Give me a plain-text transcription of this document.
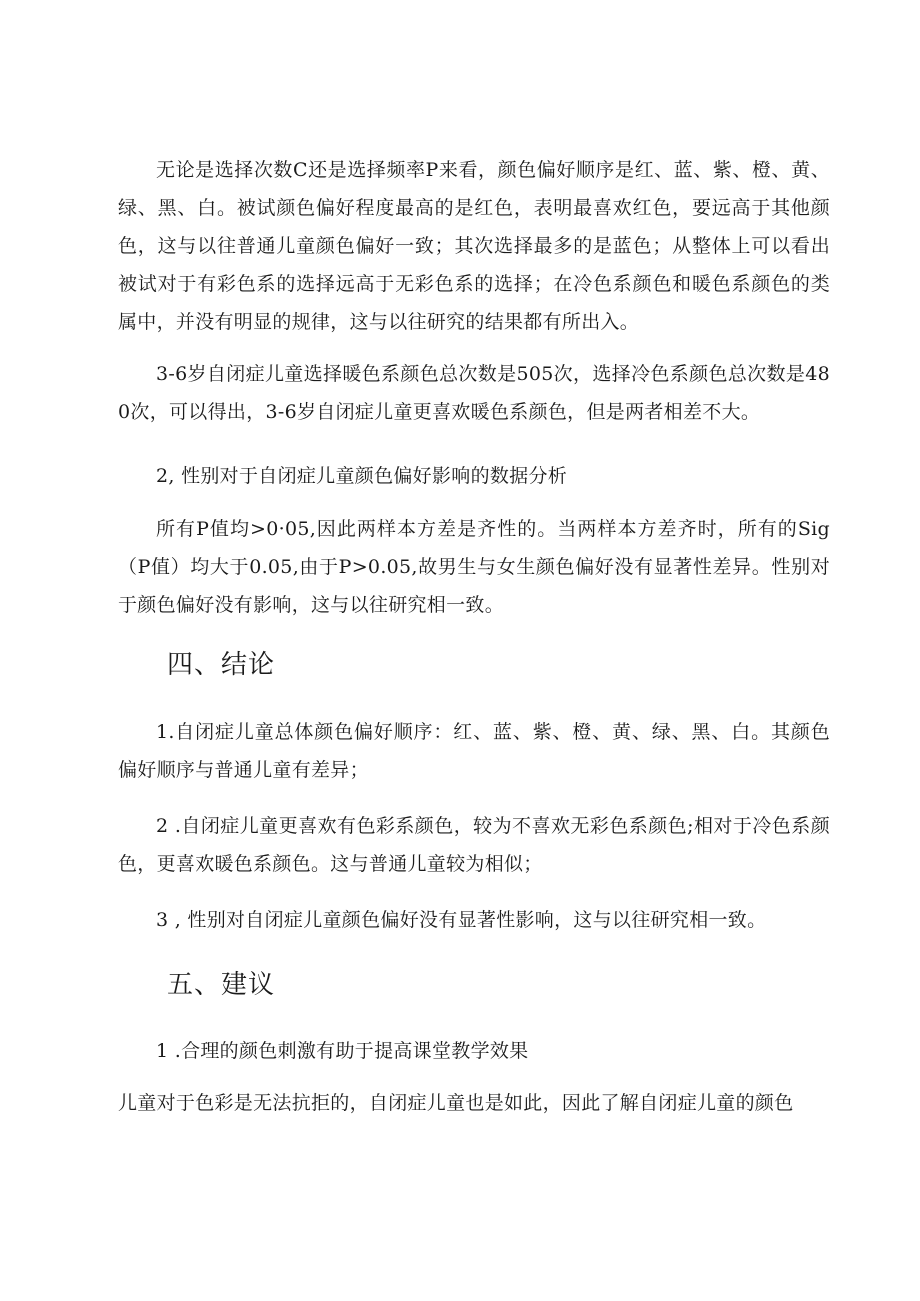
无论是选择次数C还是选择频率P来看，颜色偏好顺序是红、蓝、紫、橙、黄、绿、黑、白。被试颜色偏好程度最高的是红色，表明最喜欢红色，要远高于其他颜色，这与以往普通儿童颜色偏好一致；其次选择最多的是蓝色；从整体上可以看出被试对于有彩色系的选择远高于无彩色系的选择；在冷色系颜色和暖色系颜色的类属中，并没有明显的规律，这与以往研究的结果都有所出入。

3-6岁自闭症儿童选择暖色系颜色总次数是505次，选择冷色系颜色总次数是480次，可以得出，3-6岁自闭症儿童更喜欢暖色系颜色，但是两者相差不大。

2, 性别对于自闭症儿童颜色偏好影响的数据分析

所有P值均>0·05,因此两样本方差是齐性的。当两样本方差齐时，所有的Sig（P值）均大于0.05,由于P>0.05,故男生与女生颜色偏好没有显著性差异。性别对于颜色偏好没有影响，这与以往研究相一致。

四、结论

1.自闭症儿童总体颜色偏好顺序：红、蓝、紫、橙、黄、绿、黑、白。其颜色偏好顺序与普通儿童有差异；

2 .自闭症儿童更喜欢有色彩系颜色，较为不喜欢无彩色系颜色;相对于冷色系颜色，更喜欢暖色系颜色。这与普通儿童较为相似；

3 , 性别对自闭症儿童颜色偏好没有显著性影响，这与以往研究相一致。

五、建议

1 .合理的颜色刺激有助于提高课堂教学效果

儿童对于色彩是无法抗拒的，自闭症儿童也是如此，因此了解自闭症儿童的颜色
